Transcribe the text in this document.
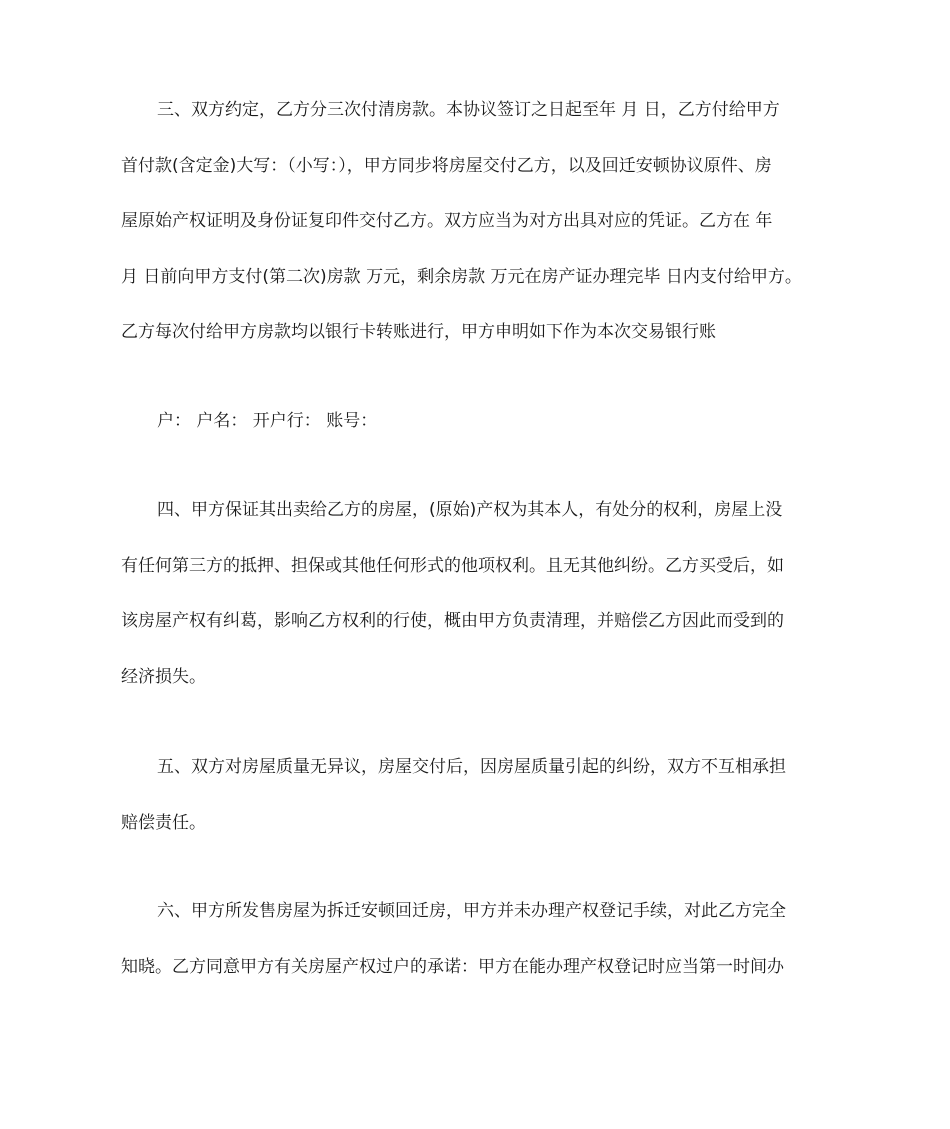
三、双方约定，乙方分三次付清房款。本协议签订之日起至年 月 日，乙方付给甲方
首付款(含定金)大写：（小写：），甲方同步将房屋交付乙方，以及回迁安顿协议原件、房
屋原始产权证明及身份证复印件交付乙方。双方应当为对方出具对应的凭证。乙方在 年
月 日前向甲方支付(第二次)房款 万元，剩余房款 万元在房产证办理完毕 日内支付给甲方。
乙方每次付给甲方房款均以银行卡转账进行，甲方申明如下作为本次交易银行账
户： 户名： 开户行： 账号：
四、甲方保证其出卖给乙方的房屋，(原始)产权为其本人，有处分的权利，房屋上没
有任何第三方的抵押、担保或其他任何形式的他项权利。且无其他纠纷。乙方买受后，如
该房屋产权有纠葛，影响乙方权利的行使，概由甲方负责清理，并赔偿乙方因此而受到的
经济损失。
五、双方对房屋质量无异议，房屋交付后，因房屋质量引起的纠纷，双方不互相承担
赔偿责任。
六、甲方所发售房屋为拆迁安顿回迁房，甲方并未办理产权登记手续，对此乙方完全
知晓。乙方同意甲方有关房屋产权过户的承诺：甲方在能办理产权登记时应当第一时间办
